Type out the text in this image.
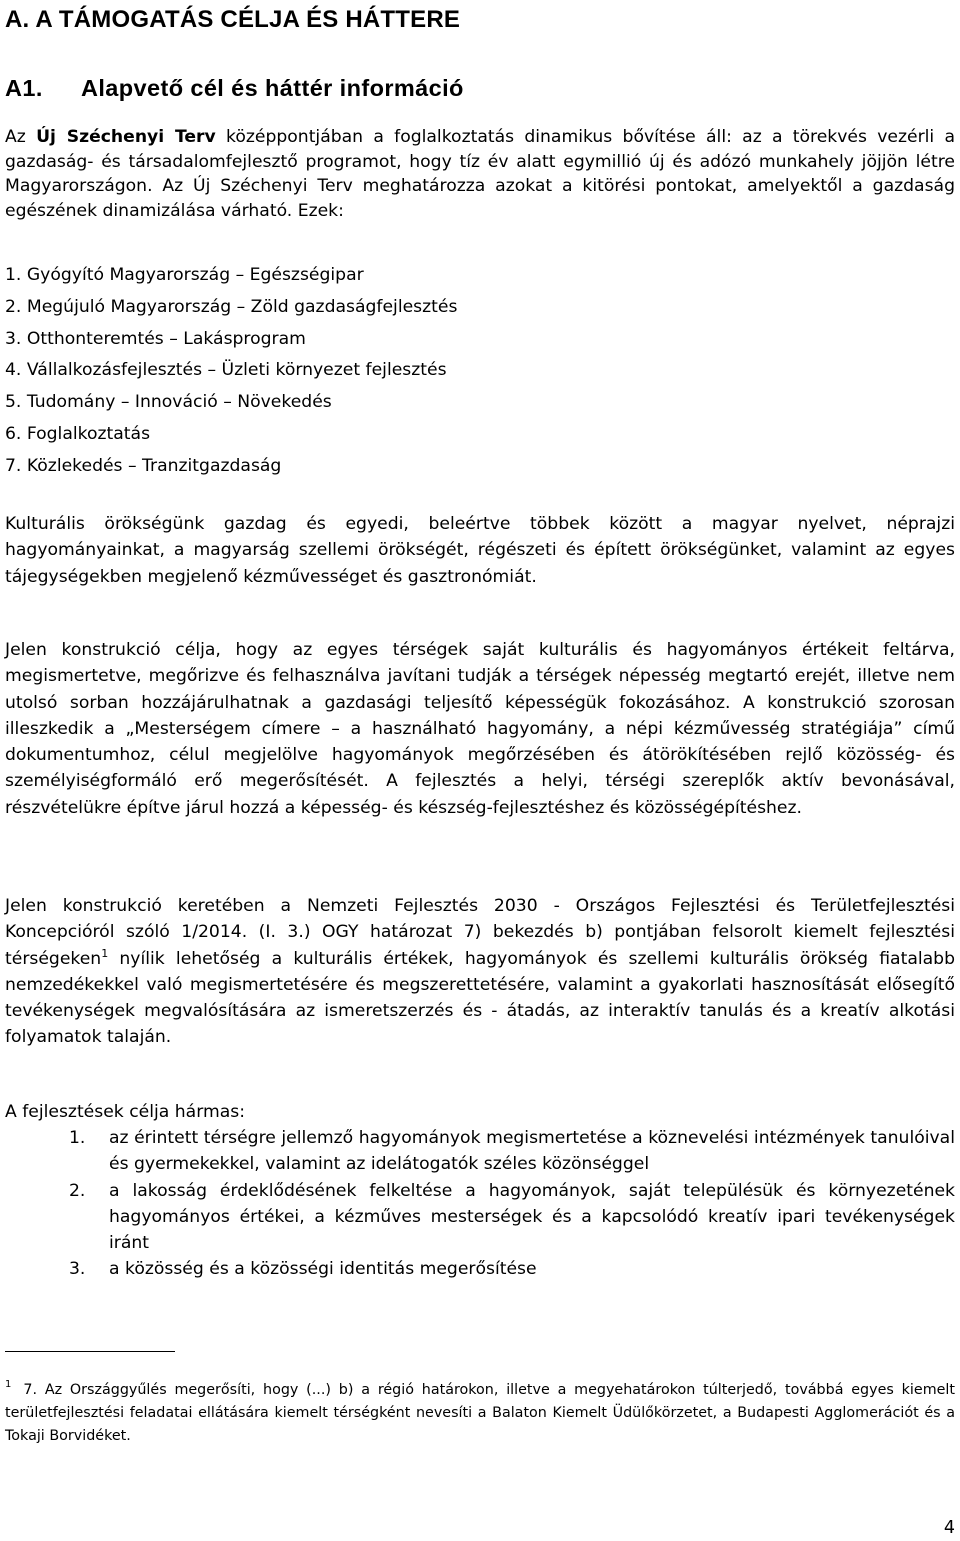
A. A TÁMOGATÁS CÉLJA ÉS HÁTTERE
A1. Alapvető cél és háttér információ

Az Új Széchenyi Terv középpontjában a foglalkoztatás dinamikus bővítése áll: az a törekvés vezérli a gazdaság- és társadalomfejlesztő programot, hogy tíz év alatt egymillió új és adózó munkahely jöjjön létre Magyarországon. Az Új Széchenyi Terv meghatározza azokat a kitörési pontokat, amelyektől a gazdaság egészének dinamizálása várható. Ezek:

1. Gyógyító Magyarország – Egészségipar
2. Megújuló Magyarország – Zöld gazdaságfejlesztés
3. Otthonteremtés – Lakásprogram
4. Vállalkozásfejlesztés – Üzleti környezet fejlesztés
5. Tudomány – Innováció – Növekedés
6. Foglalkoztatás
7. Közlekedés – Tranzitgazdaság

Kulturális örökségünk gazdag és egyedi, beleértve többek között a magyar nyelvet, néprajzi hagyományainkat, a magyarság szellemi örökségét, régészeti és épített örökségünket, valamint az egyes tájegységekben megjelenő kézművességet és gasztronómiát.

Jelen konstrukció célja, hogy az egyes térségek saját kulturális és hagyományos értékeit feltárva, megismertetve, megőrizve és felhasználva javítani tudják a térségek népesség megtartó erejét, illetve nem utolsó sorban hozzájárulhatnak a gazdasági teljesítő képességük fokozásához. A konstrukció szorosan illeszkedik a „Mesterségem címere – a használható hagyomány, a népi kézművesség stratégiája” című dokumentumhoz, célul megjelölve hagyományok megőrzésében és átörökítésében rejlő közösség- és személyiségformáló erő megerősítését. A fejlesztés a helyi, térségi szereplők aktív bevonásával, részvételükre építve járul hozzá a képesség- és készség-fejlesztéshez és közösségépítéshez.

Jelen konstrukció keretében a Nemzeti Fejlesztés 2030 - Országos Fejlesztési és Területfejlesztési Koncepcióról szóló 1/2014. (I. 3.) OGY határozat 7) bekezdés b) pontjában felsorolt kiemelt fejlesztési térségeken$^1$ nyílik lehetőség a kulturális értékek, hagyományok és szellemi kulturális örökség fiatalabb nemzedékekkel való megismertetésére és megszerettetésére, valamint a gyakorlati hasznosítását elősegítő tevékenységek megvalósítására az ismeretszerzés és - átadás, az interaktív tanulás és a kreatív alkotási folyamatok talaján.

A fejlesztések célja hármas:

1. az érintett térségre jellemző hagyományok megismertetése a köznevelési intézmények tanulóival és gyermekekkel, valamint az idelátogatók széles közönséggel
2. a lakosság érdeklődésének felkeltése a hagyományok, saját településük és környezetének hagyományos értékei, a kézműves mesterségek és a kapcsolódó kreatív ipari tevékenységek iránt
3. a közösség és a közösségi identitás megerősítése

$^1$ 7. Az Országgyűlés megerősíti, hogy (...) b) a régió határokon, illetve a megyehatárokon túlterjedő, továbbá egyes kiemelt területfejlesztési feladatai ellátására kiemelt térségként nevesíti a Balaton Kiemelt Üdülőkörzetet, a Budapesti Agglomerációt és a Tokaji Borvidéket.

4
